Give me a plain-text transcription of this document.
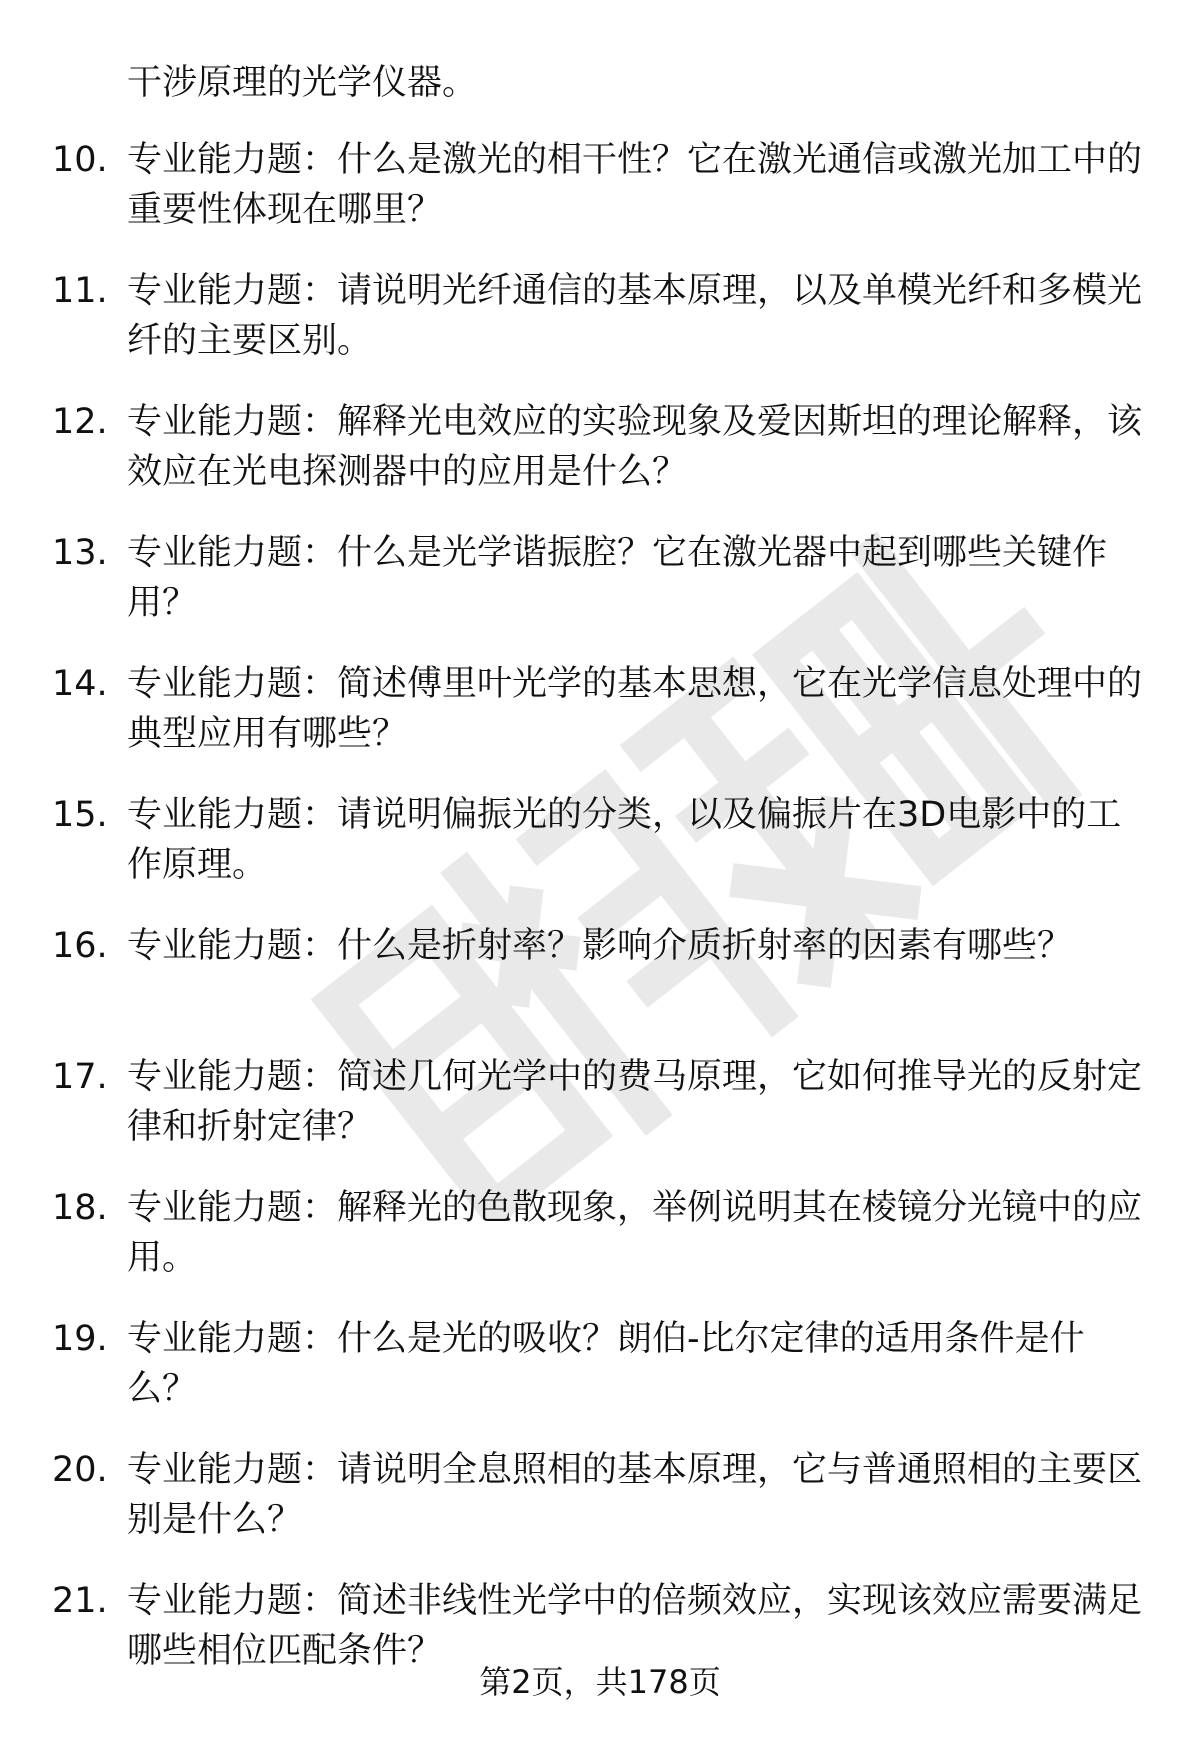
干涉原理的光学仪器。

10. 专业能力题：什么是激光的相干性？它在激光通信或激光加工中的重要性体现在哪里？

11. 专业能力题：请说明光纤通信的基本原理，以及单模光纤和多模光纤的主要区别。

12. 专业能力题：解释光电效应的实验现象及爱因斯坦的理论解释，该效应在光电探测器中的应用是什么？

13. 专业能力题：什么是光学谐振腔？它在激光器中起到哪些关键作用？

14. 专业能力题：简述傅里叶光学的基本思想，它在光学信息处理中的典型应用有哪些？

15. 专业能力题：请说明偏振光的分类，以及偏振片在3D电影中的工作原理。

16. 专业能力题：什么是折射率？影响介质折射率的因素有哪些？

17. 专业能力题：简述几何光学中的费马原理，它如何推导光的反射定律和折射定律？

18. 专业能力题：解释光的色散现象，举例说明其在棱镜分光镜中的应用。

19. 专业能力题：什么是光的吸收？朗伯-比尔定律的适用条件是什么？

20. 专业能力题：请说明全息照相的基本原理，它与普通照相的主要区别是什么？

21. 专业能力题：简述非线性光学中的倍频效应，实现该效应需要满足哪些相位匹配条件？

第2页，共178页
